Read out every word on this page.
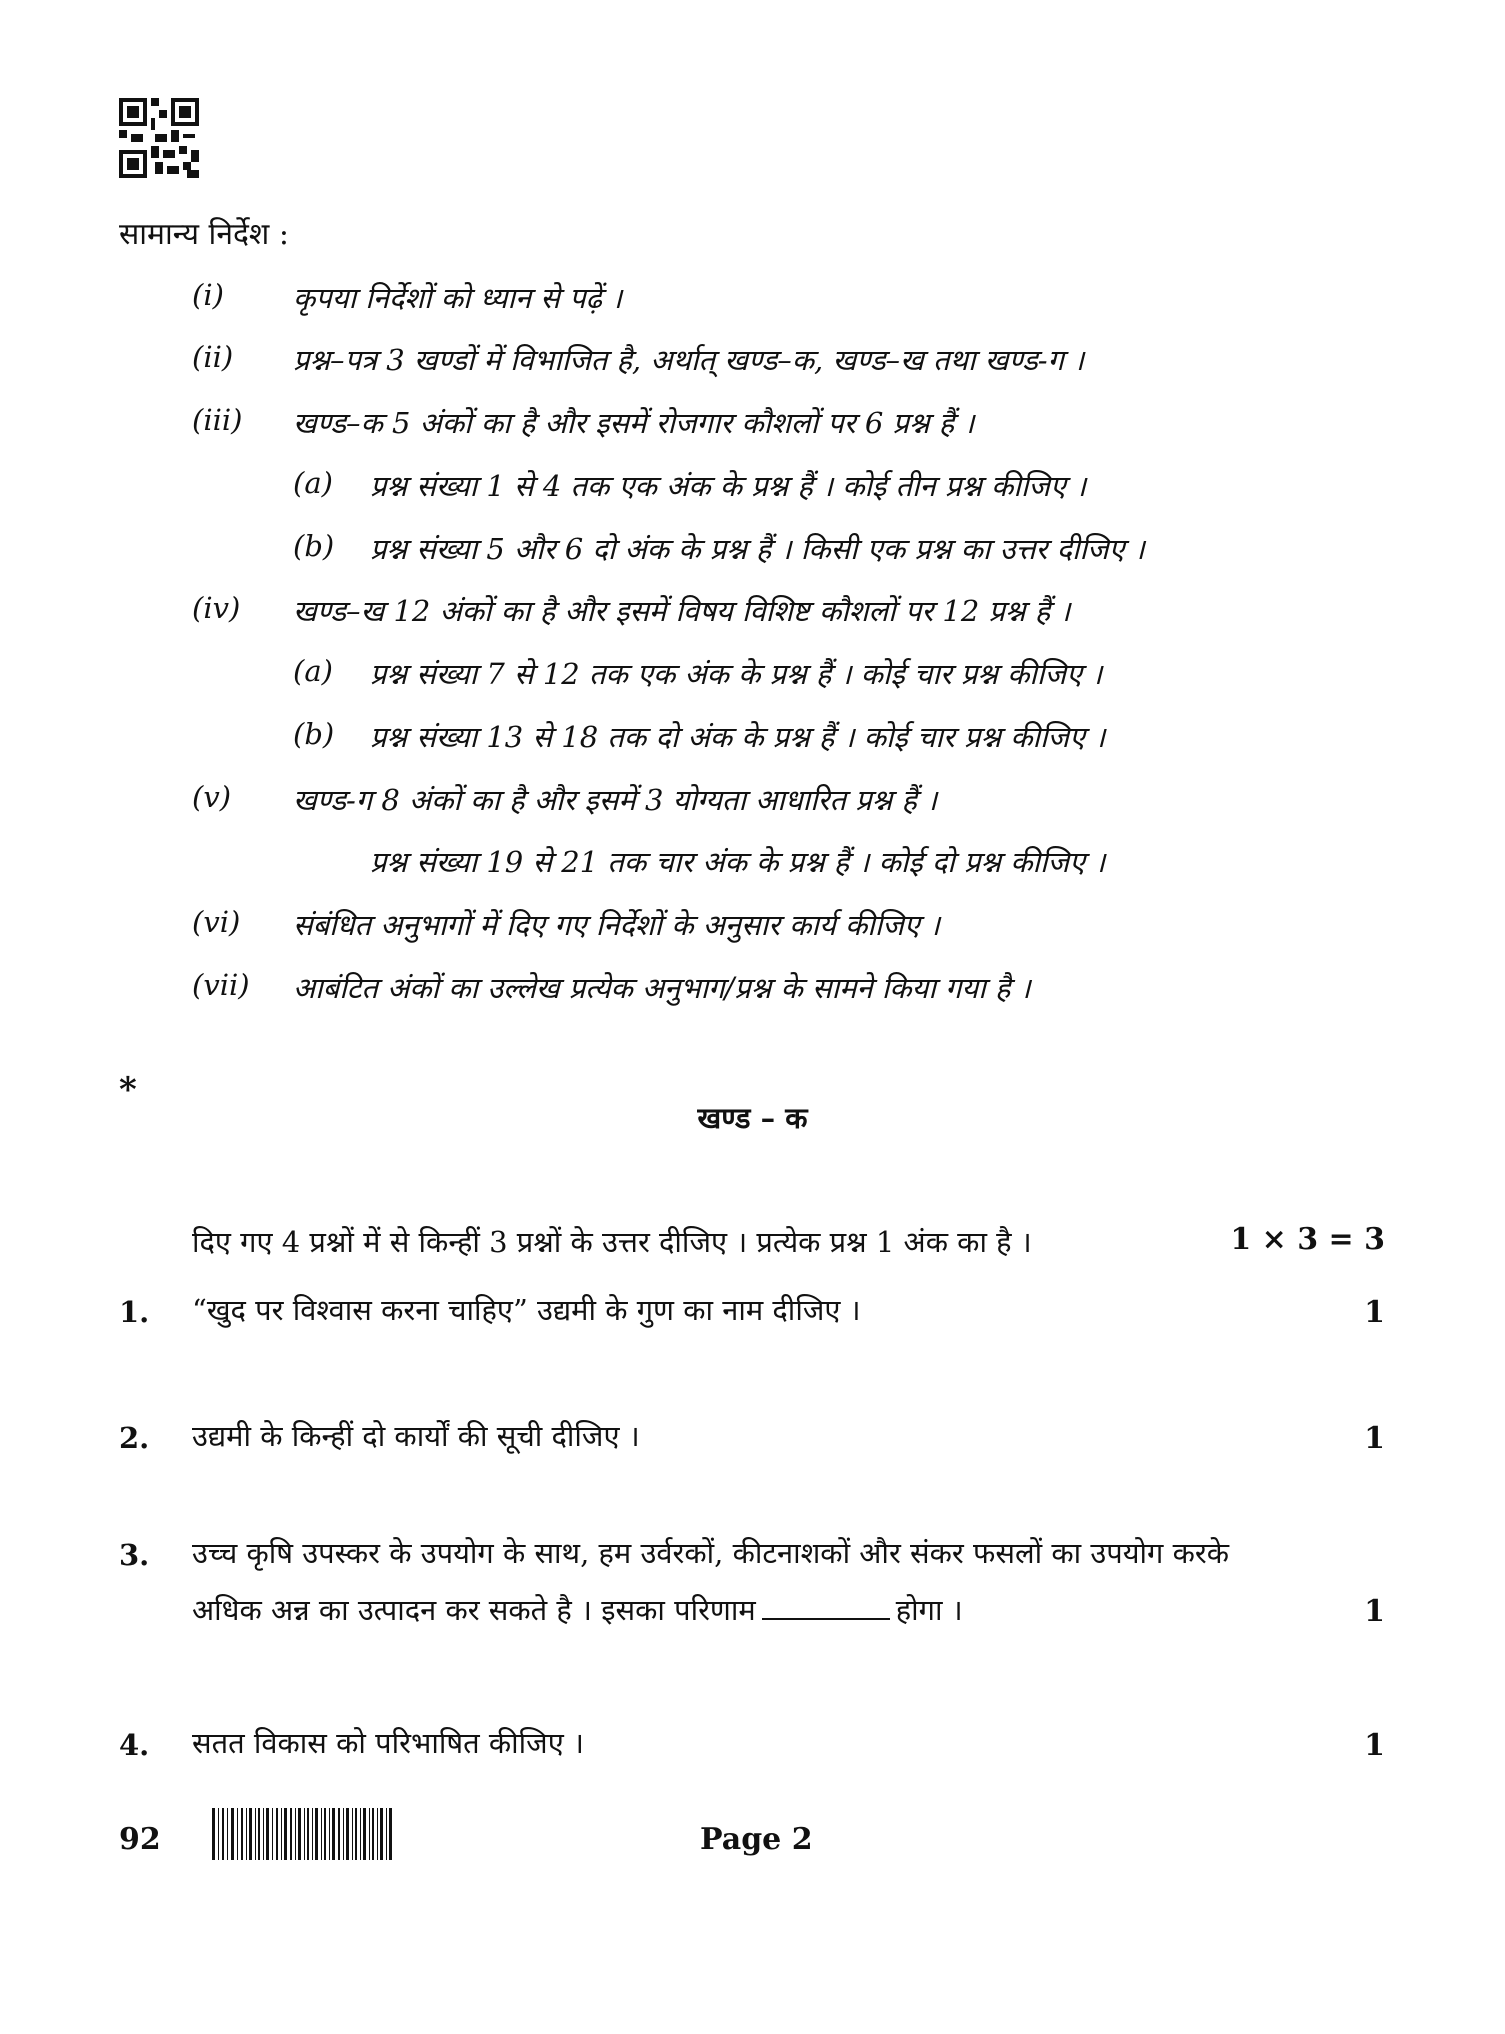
सामान्य निर्देश :
(i) कृपया निर्देशों को ध्यान से पढ़ें ।
(ii) प्रश्न–पत्र 3 खण्डों में विभाजित है, अर्थात् खण्ड–क, खण्ड–ख तथा खण्ड-ग ।
(iii) खण्ड–क 5 अंकों का है और इसमें रोजगार कौशलों पर 6 प्रश्न हैं ।
(a) प्रश्न संख्या 1 से 4 तक एक अंक के प्रश्न हैं । कोई तीन प्रश्न कीजिए ।
(b) प्रश्न संख्या 5 और 6 दो अंक के प्रश्न हैं । किसी एक प्रश्न का उत्तर दीजिए ।
(iv) खण्ड–ख 12 अंकों का है और इसमें विषय विशिष्ट कौशलों पर 12 प्रश्न हैं ।
(a) प्रश्न संख्या 7 से 12 तक एक अंक के प्रश्न हैं । कोई चार प्रश्न कीजिए ।
(b) प्रश्न संख्या 13 से 18 तक दो अंक के प्रश्न हैं । कोई चार प्रश्न कीजिए ।
(v) खण्ड-ग 8 अंकों का है और इसमें 3 योग्यता आधारित प्रश्न हैं ।
प्रश्न संख्या 19 से 21 तक चार अंक के प्रश्न हैं । कोई दो प्रश्न कीजिए ।
(vi) संबंधित अनुभागों में दिए गए निर्देशों के अनुसार कार्य कीजिए ।
(vii) आबंटित अंकों का उल्लेख प्रत्येक अनुभाग/प्रश्न के सामने किया गया है ।
*
खण्ड – क
दिए गए 4 प्रश्नों में से किन्हीं 3 प्रश्नों के उत्तर दीजिए । प्रत्येक प्रश्न 1 अंक का है ।	1 × 3 = 3
1. “खुद पर विश्वास करना चाहिए” उद्यमी के गुण का नाम दीजिए ।	1
2. उद्यमी के किन्हीं दो कार्यों की सूची दीजिए ।	1
3. उच्च कृषि उपस्कर के उपयोग के साथ, हम उर्वरकों, कीटनाशकों और संकर फसलों का उपयोग करके
अधिक अन्न का उत्पादन कर सकते है । इसका परिणाम	होगा ।	1
4. सतत विकास को परिभाषित कीजिए ।	1
92	Page 2
